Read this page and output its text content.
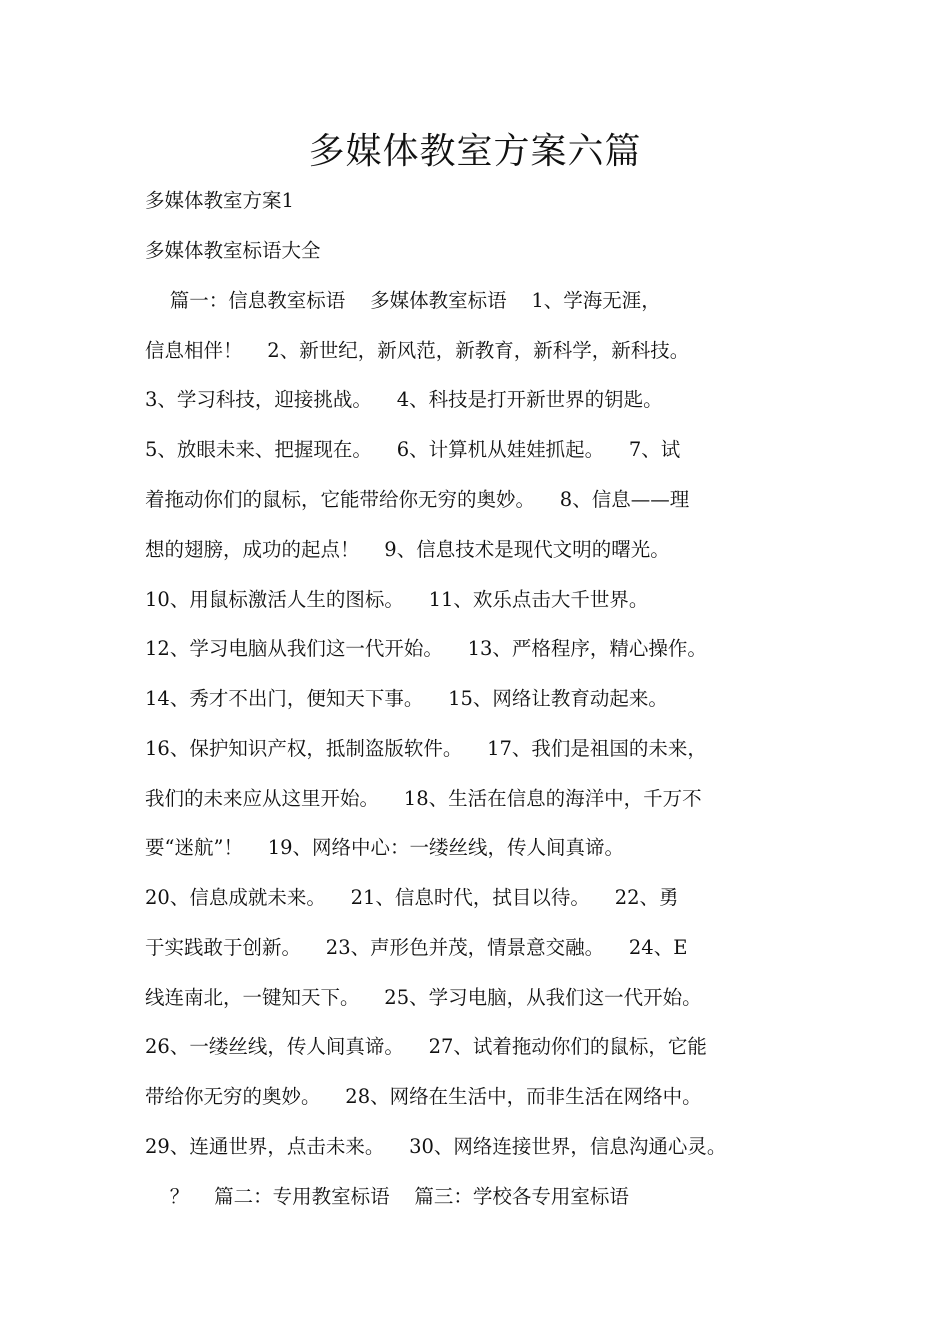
多媒体教室方案六篇

多媒体教室方案1

多媒体教室标语大全

篇一：信息教室标语    多媒体教室标语    1、学海无涯，

信息相伴！    2、新世纪，新风范，新教育，新科学，新科技。

3、学习科技，迎接挑战。    4、科技是打开新世界的钥匙。

5、放眼未来、把握现在。    6、计算机从娃娃抓起。    7、试

着拖动你们的鼠标，它能带给你无穷的奥妙。    8、信息——理

想的翅膀，成功的起点！    9、信息技术是现代文明的曙光。

10、用鼠标激活人生的图标。    11、欢乐点击大千世界。

12、学习电脑从我们这一代开始。    13、严格程序，精心操作。

14、秀才不出门，便知天下事。    15、网络让教育动起来。

16、保护知识产权，抵制盗版软件。    17、我们是祖国的未来，

我们的未来应从这里开始。    18、生活在信息的海洋中，千万不

要“迷航”！    19、网络中心：一缕丝线，传人间真谛。

20、信息成就未来。    21、信息时代，拭目以待。    22、勇

于实践敢于创新。    23、声形色并茂，情景意交融。    24、E

线连南北，一键知天下。    25、学习电脑，从我们这一代开始。

26、一缕丝线，传人间真谛。    27、试着拖动你们的鼠标，它能

带给你无穷的奥妙。    28、网络在生活中，而非生活在网络中。

29、连通世界，点击未来。    30、网络连接世界，信息沟通心灵。

？    篇二：专用教室标语    篇三：学校各专用室标语
